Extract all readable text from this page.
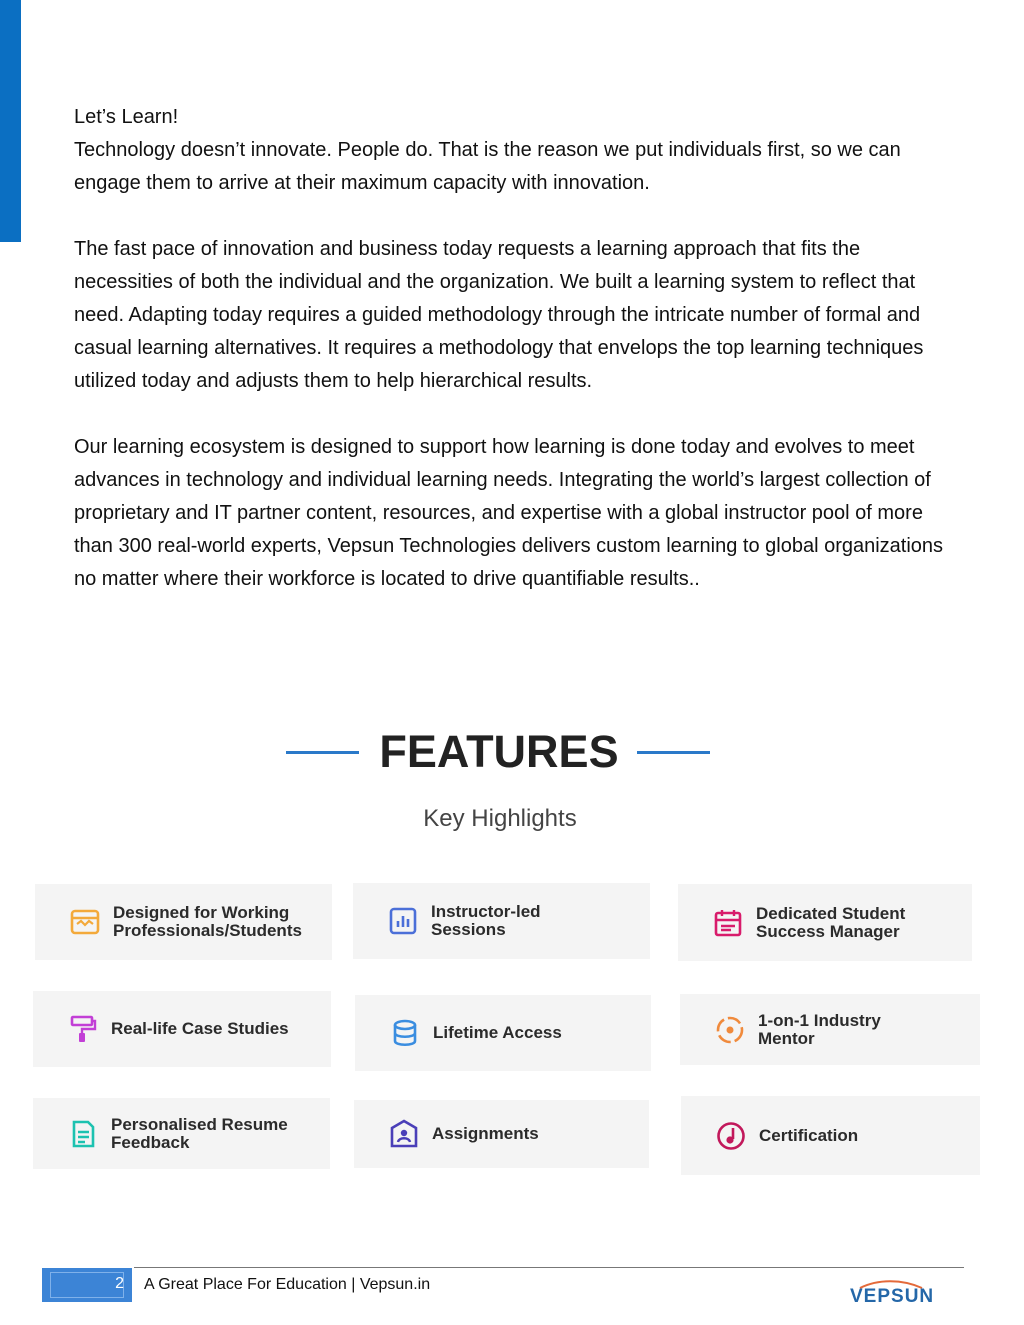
Let’s Learn!

Technology doesn’t innovate. People do. That is the reason we put individuals first, so we can engage them to arrive at their maximum capacity with innovation.

The fast pace of innovation and business today requests a learning approach that fits the necessities of both the individual and the organization. We built a learning system to reflect that need. Adapting today requires a guided methodology through the intricate number of formal and casual learning alternatives. It requires a methodology that envelops the top learning techniques utilized today and adjusts them to help hierarchical results.

Our learning ecosystem is designed to support how learning is done today and evolves to meet advances in technology and individual learning needs. Integrating the world’s largest collection of proprietary and IT partner content, resources, and expertise with a global instructor pool of more than 300 real-world experts, Vepsun Technologies delivers custom learning to global organizations no matter where their workforce is located to drive quantifiable results..

FEATURES
Key Highlights
Designed for Working
Professionals/Students
Instructor-led
Sessions
Dedicated Student
Success Manager
Real-life Case Studies	Lifetime Access
1-on-1 Industry
Mentor
Personalised Resume
Feedback	Assignments	Certification
2 A Great Place For Education | Vepsun.in
VEPSUN
